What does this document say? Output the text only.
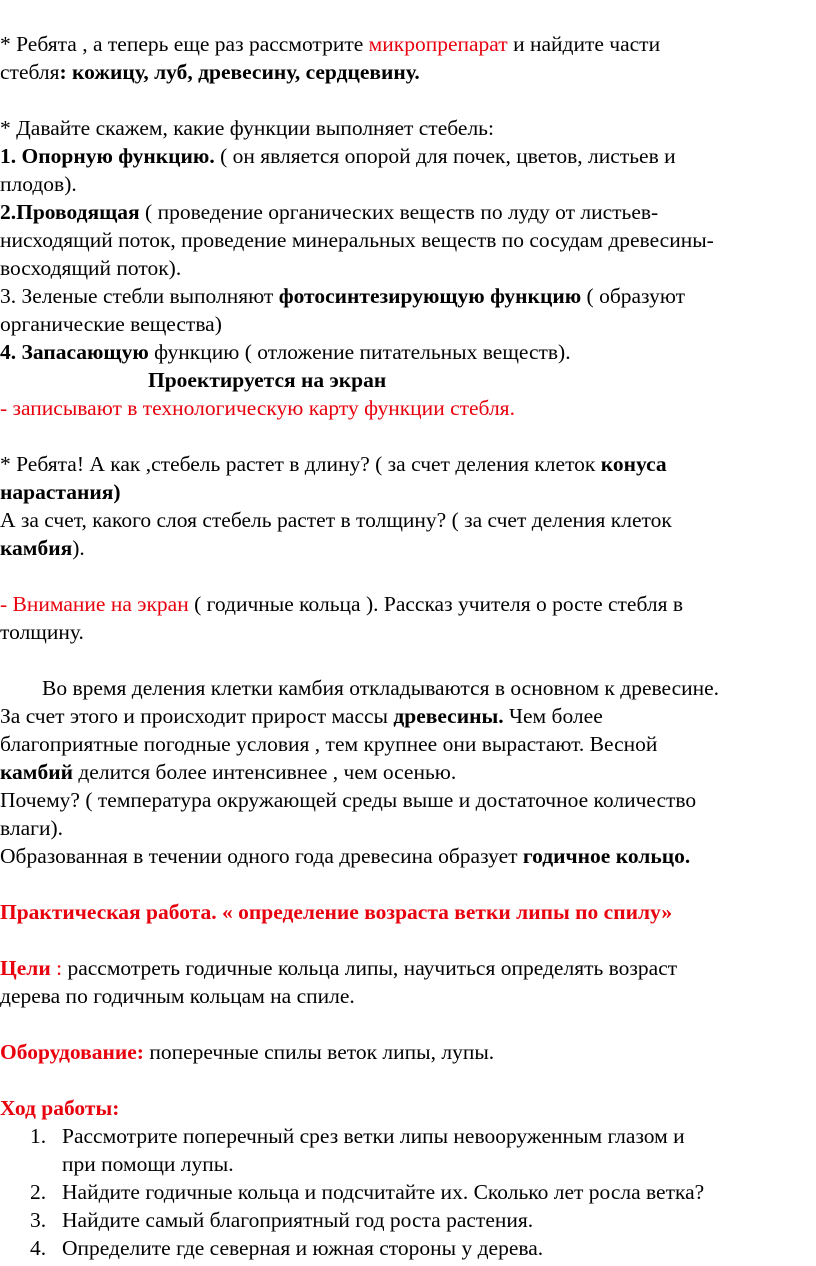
* Ребята , а теперь еще раз рассмотрите микропрепарат и найдите части
стебля: кожицу, луб, древесину, сердцевину.
* Давайте скажем, какие функции выполняет стебель:
1. Опорную функцию. ( он является опорой для почек, цветов, листьев и
плодов).
2.Проводящая ( проведение органических веществ по луду от листьев-
нисходящий поток, проведение минеральных веществ по сосудам древесины-
восходящий поток).
3. Зеленые стебли выполняют фотосинтезирующую функцию ( образуют
органические вещества)
4. Запасающую функцию ( отложение питательных веществ).
Проектируется на экран
- записывают в технологическую карту функции стебля.
* Ребята! А как ,стебель растет в длину? ( за счет деления клеток конуса
нарастания)
А за счет, какого слоя стебель растет в толщину? ( за счет деления клеток
камбия).
- Внимание на экран ( годичные кольца ). Рассказ учителя о росте стебля в
толщину.
Во время деления клетки камбия откладываются в основном к древесине.
За счет этого и происходит прирост массы древесины. Чем более
благоприятные погодные условия , тем крупнее они вырастают. Весной
камбий делится более интенсивнее , чем осенью.
Почему? ( температура окружающей среды выше и достаточное количество
влаги).
Образованная в течении одного года древесина образует годичное кольцо.
Практическая работа. « определение возраста ветки липы по спилу»
Цели : рассмотреть годичные кольца липы, научиться определять возраст
дерева по годичным кольцам на спиле.
Оборудование: поперечные спилы веток липы, лупы.
Ход работы:
1. Рассмотрите поперечный срез ветки липы невооруженным глазом и
при помощи лупы.
2. Найдите годичные кольца и подсчитайте их. Сколько лет росла ветка?
3. Найдите самый благоприятный год роста растения.
4. Определите где северная и южная стороны у дерева.
